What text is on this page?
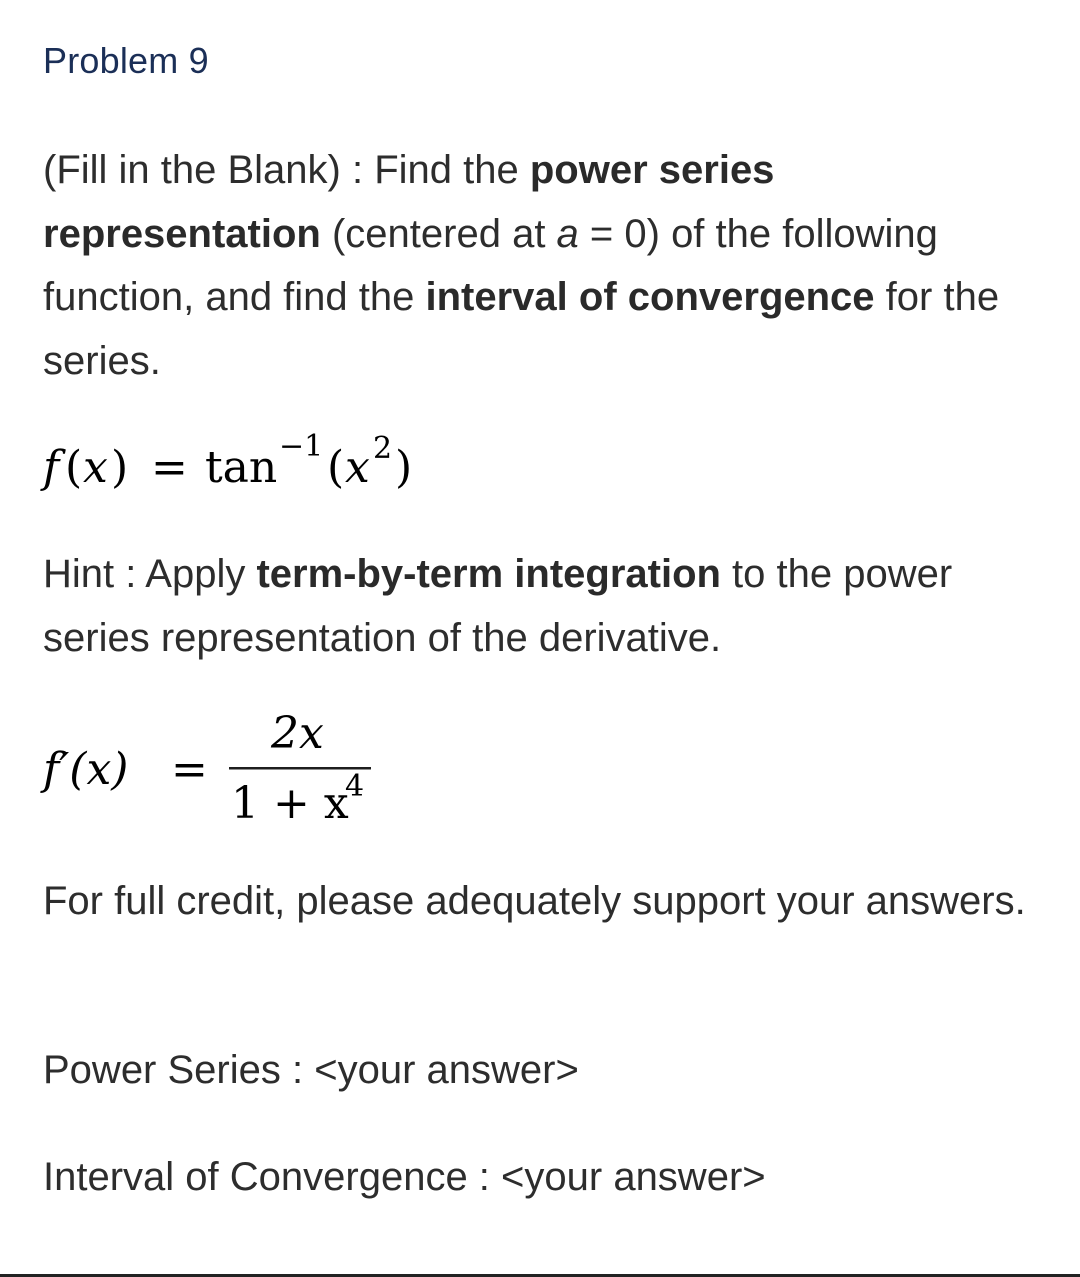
Problem 9
(Fill in the Blank) : Find the power series representation (centered at a = 0) of the following function, and find the interval of convergence for the series.
f ( x ) = tan −1 ( x 2 )
Hint : Apply term-by-term integration to the power series representation of the derivative.
f′(x) =
2x
1 + x
4
For full credit, please adequately support your answers.
Power Series : <your answer>
Interval of Convergence : <your answer>
